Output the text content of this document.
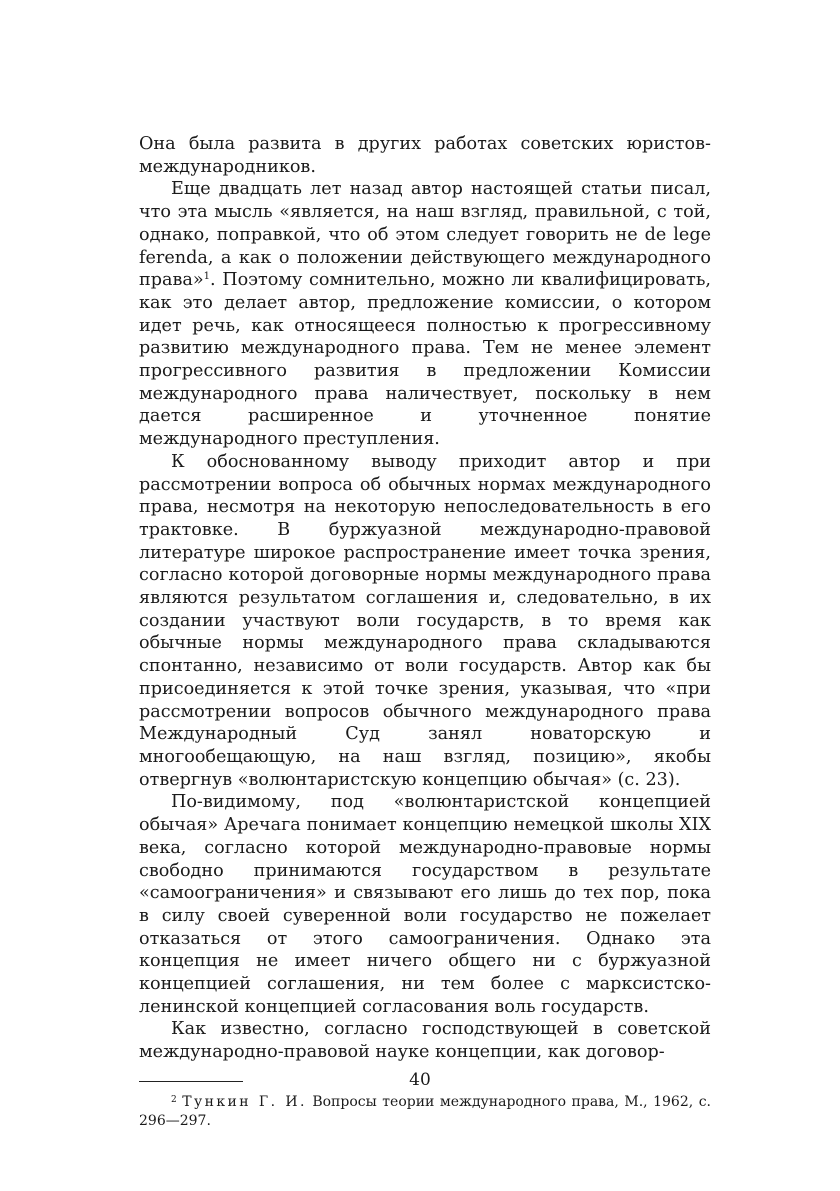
Она была развита в других работах советских юристов-международников.

Еще двадцать лет назад автор настоящей статьи писал, что эта мысль «является, на наш взгляд, правильной, с той, однако, поправкой, что об этом следует говорить не de lege ferenda, а как о положении действующего международного права»$^1$. Поэтому сомнительно, можно ли квалифицировать, как это делает автор, предложение комиссии, о котором идет речь, как относящееся полностью к прогрессивному развитию международного права. Тем не менее элемент прогрессивного развития в предложении Комиссии международного права наличествует, поскольку в нем дается расширенное и уточненное понятие международного преступления.

К обоснованному выводу приходит автор и при рассмотрении вопроса об обычных нормах международного права, несмотря на некоторую непоследовательность в его трактовке. В буржуазной международно-правовой литературе широкое распространение имеет точка зрения, согласно которой договорные нормы международного права являются результатом соглашения и, следовательно, в их создании участвуют воли государств, в то время как обычные нормы международного права складываются спонтанно, независимо от воли государств. Автор как бы присоединяется к этой точке зрения, указывая, что «при рассмотрении вопросов обычного международного права Международный Суд занял новаторскую и многообещающую, на наш взгляд, позицию», якобы отвергнув «волюнтаристскую концепцию обычая» (с. 23).

По-видимому, под «волюнтаристской концепцией обычая» Аречага понимает концепцию немецкой школы XIX века, согласно которой международно-правовые нормы свободно принимаются государством в результате «самоограничения» и связывают его лишь до тех пор, пока в силу своей суверенной воли государство не пожелает отказаться от этого самоограничения. Однако эта концепция не имеет ничего общего ни с буржуазной концепцией соглашения, ни тем более с марксистско-ленинской концепцией согласования воль государств.

Как известно, согласно господствующей в советской международно-правовой науке концепции, как договор-

$^2$ Тункин Г. И. Вопросы теории международного права, М., 1962, с. 296—297.

40
